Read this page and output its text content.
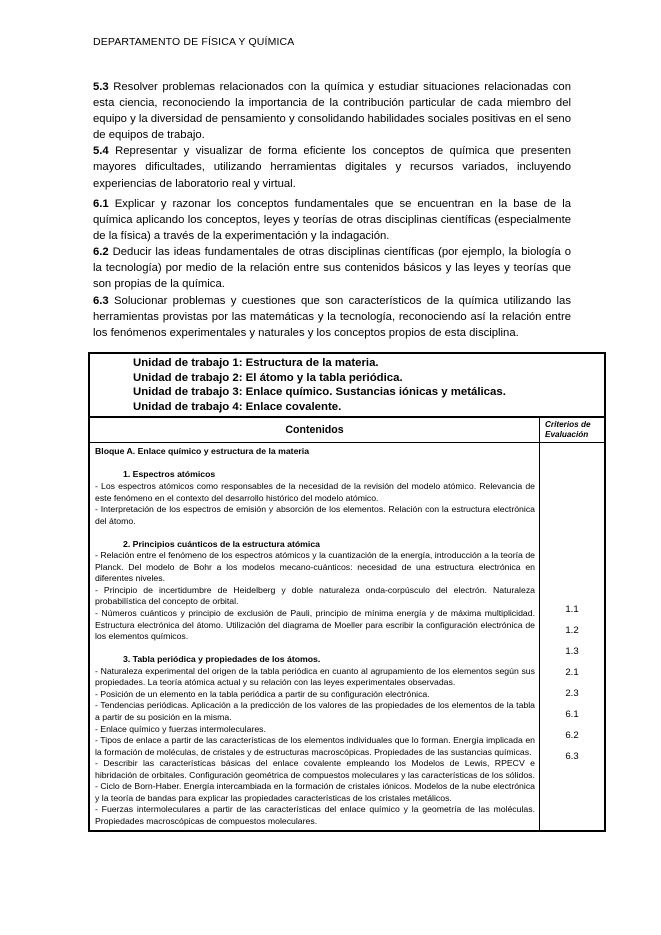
DEPARTAMENTO DE FÍSICA Y QUÍMICA

5.3 Resolver problemas relacionados con la química y estudiar situaciones relacionadas con esta ciencia, reconociendo la importancia de la contribución particular de cada miembro del equipo y la diversidad de pensamiento y consolidando habilidades sociales positivas en el seno de equipos de trabajo.

5.4 Representar y visualizar de forma eficiente los conceptos de química que presenten mayores dificultades, utilizando herramientas digitales y recursos variados, incluyendo experiencias de laboratorio real y virtual.

6.1 Explicar y razonar los conceptos fundamentales que se encuentran en la base de la química aplicando los conceptos, leyes y teorías de otras disciplinas científicas (especialmente de la física) a través de la experimentación y la indagación.

6.2 Deducir las ideas fundamentales de otras disciplinas científicas (por ejemplo, la biología o la tecnología) por medio de la relación entre sus contenidos básicos y las leyes y teorías que son propias de la química.

6.3 Solucionar problemas y cuestiones que son característicos de la química utilizando las herramientas provistas por las matemáticas y la tecnología, reconociendo así la relación entre los fenómenos experimentales y naturales y los conceptos propios de esta disciplina.

Unidad de trabajo 1: Estructura de la materia.
Unidad de trabajo 2: El átomo y la tabla periódica.
Unidad de trabajo 3: Enlace químico. Sustancias iónicas y metálicas.
Unidad de trabajo 4: Enlace covalente.
Contenidos	Criterios de
Evaluación

Bloque A. Enlace químico y estructura de la materia

1. Espectros atómicos

- Los espectros atómicos como responsables de la necesidad de la revisión del modelo atómico. Relevancia de este fenómeno en el contexto del desarrollo histórico del modelo atómico.

- Interpretación de los espectros de emisión y absorción de los elementos. Relación con la estructura electrónica del átomo.

2. Principios cuánticos de la estructura atómica

- Relación entre el fenómeno de los espectros atómicos y la cuantización de la energía, introducción a la teoría de Planck. Del modelo de Bohr a los modelos mecano-cuánticos: necesidad de una estructura electrónica en diferentes niveles.

- Principio de incertidumbre de Heidelberg y doble naturaleza onda-corpúsculo del electrón. Naturaleza probabilística del concepto de orbital.

- Números cuánticos y principio de exclusión de Pauli, principio de mínima energía y de máxima multiplicidad. Estructura electrónica del átomo. Utilización del diagrama de Moeller para escribir la configuración electrónica de los elementos químicos.

3. Tabla periódica y propiedades de los átomos.

- Naturaleza experimental del origen de la tabla periódica en cuanto al agrupamiento de los elementos según sus propiedades. La teoría atómica actual y su relación con las leyes experimentales observadas.

- Posición de un elemento en la tabla periódica a partir de su configuración electrónica.

- Tendencias periódicas. Aplicación a la predicción de los valores de las propiedades de los elementos de la tabla a partir de su posición en la misma.

- Enlace químico y fuerzas intermoleculares.

- Tipos de enlace a partir de las características de los elementos individuales que lo forman. Energía implicada en la formación de moléculas, de cristales y de estructuras macroscópicas. Propiedades de las sustancias químicas.

- Describir las características básicas del enlace covalente empleando los Modelos de Lewis, RPECV e hibridación de orbitales. Configuración geométrica de compuestos moleculares y las características de los sólidos.

- Ciclo de Born-Haber. Energía intercambiada en la formación de cristales iónicos. Modelos de la nube electrónica y la teoría de bandas para explicar las propiedades características de los cristales metálicos.

- Fuerzas intermoleculares a partir de las características del enlace químico y la geometría de las moléculas. Propiedades macroscópicas de compuestos moleculares.

1.1
1.2
1.3
2.1
2.3
6.1
6.2
6.3
